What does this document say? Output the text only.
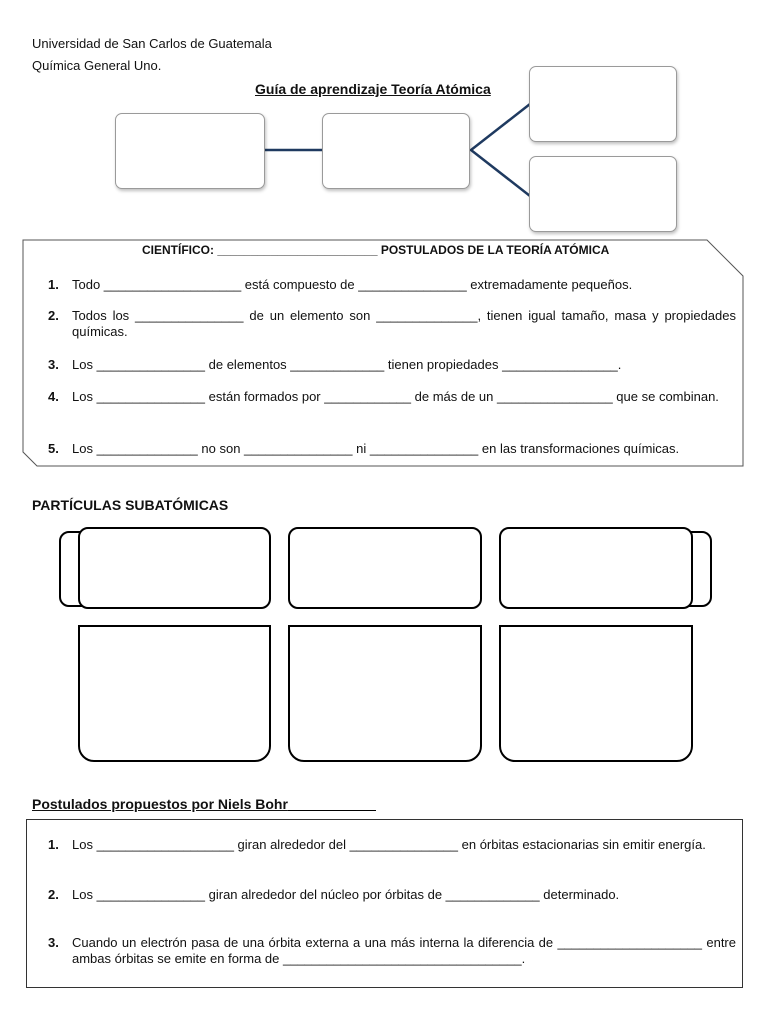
Universidad de San Carlos de Guatemala
Química General Uno.
Guía de aprendizaje Teoría Atómica
CIENTÍFICO: ________________________ POSTULADOS DE LA TEORÍA ATÓMICA
1. Todo ___________________ está compuesto de _______________ extremadamente pequeños.
2. Todos los _______________ de un elemento son ______________, tienen igual tamaño, masa y propiedades químicas.
3. Los _______________ de elementos _____________ tienen propiedades ________________.
4. Los _______________ están formados por ____________ de más de un ________________ que se combinan.
5. Los ______________ no son _______________ ni _______________ en las transformaciones químicas.
PARTÍCULAS SUBATÓMICAS
Postulados propuestos por Niels Bohr
1. Los ___________________ giran alrededor del _______________ en órbitas estacionarias sin emitir energía.
2. Los _______________ giran alrededor del núcleo por órbitas de _____________ determinado.
3. Cuando un electrón pasa de una órbita externa a una más interna la diferencia de ____________________ entre ambas órbitas se emite en forma de _________________________________.
